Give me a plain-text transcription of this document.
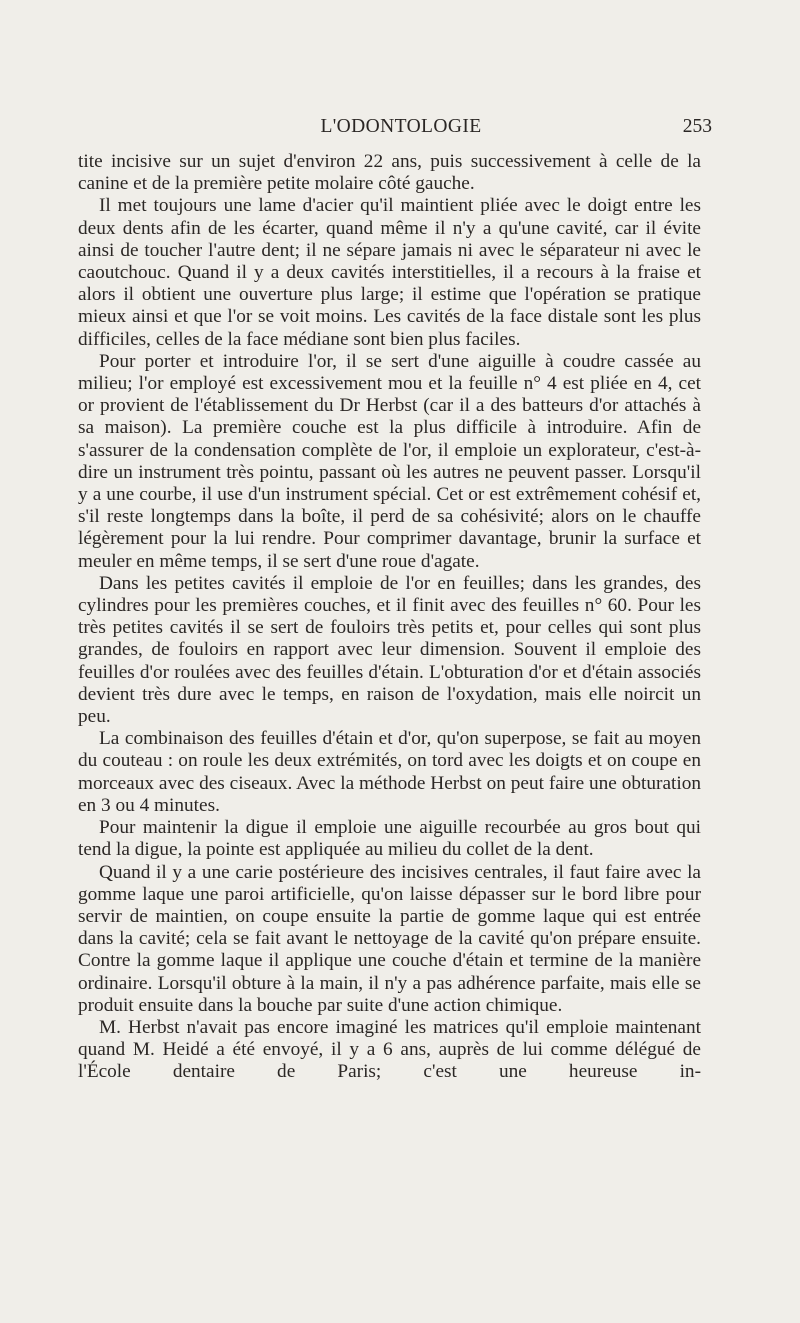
L'ODONTOLOGIE	253

tite incisive sur un sujet d'environ 22 ans, puis successivement à celle de la canine et de la première petite molaire côté gauche.

Il met toujours une lame d'acier qu'il maintient pliée avec le doigt entre les deux dents afin de les écarter, quand même il n'y a qu'une cavité, car il évite ainsi de toucher l'autre dent; il ne sépare jamais ni avec le séparateur ni avec le caoutchouc. Quand il y a deux cavités interstitielles, il a recours à la fraise et alors il obtient une ouverture plus large; il estime que l'opération se pratique mieux ainsi et que l'or se voit moins. Les cavités de la face distale sont les plus difficiles, celles de la face médiane sont bien plus faciles.

Pour porter et introduire l'or, il se sert d'une aiguille à coudre cassée au milieu; l'or employé est excessivement mou et la feuille n° 4 est pliée en 4, cet or provient de l'établissement du Dr Herbst (car il a des batteurs d'or attachés à sa maison). La première couche est la plus difficile à introduire. Afin de s'assurer de la condensation complète de l'or, il emploie un explorateur, c'est-à-dire un instrument très pointu, passant où les autres ne peuvent passer. Lorsqu'il y a une courbe, il use d'un instrument spécial. Cet or est extrêmement cohésif et, s'il reste longtemps dans la boîte, il perd de sa cohésivité; alors on le chauffe légèrement pour la lui rendre. Pour comprimer davantage, brunir la surface et meuler en même temps, il se sert d'une roue d'agate.

Dans les petites cavités il emploie de l'or en feuilles; dans les grandes, des cylindres pour les premières couches, et il finit avec des feuilles n° 60. Pour les très petites cavités il se sert de fouloirs très petits et, pour celles qui sont plus grandes, de fouloirs en rapport avec leur dimension. Souvent il emploie des feuilles d'or roulées avec des feuilles d'étain. L'obturation d'or et d'étain associés devient très dure avec le temps, en raison de l'oxydation, mais elle noircit un peu.

La combinaison des feuilles d'étain et d'or, qu'on superpose, se fait au moyen du couteau : on roule les deux extrémités, on tord avec les doigts et on coupe en morceaux avec des ciseaux. Avec la méthode Herbst on peut faire une obturation en 3 ou 4 minutes.

Pour maintenir la digue il emploie une aiguille recourbée au gros bout qui tend la digue, la pointe est appliquée au milieu du collet de la dent.

Quand il y a une carie postérieure des incisives centrales, il faut faire avec la gomme laque une paroi artificielle, qu'on laisse dépasser sur le bord libre pour servir de maintien, on coupe ensuite la partie de gomme laque qui est entrée dans la cavité; cela se fait avant le nettoyage de la cavité qu'on prépare ensuite. Contre la gomme laque il applique une couche d'étain et termine de la manière ordinaire. Lorsqu'il obture à la main, il n'y a pas adhérence parfaite, mais elle se produit ensuite dans la bouche par suite d'une action chimique.

M. Herbst n'avait pas encore imaginé les matrices qu'il emploie maintenant quand M. Heidé a été envoyé, il y a 6 ans, auprès de lui comme délégué de l'École dentaire de Paris; c'est une heureuse in-
